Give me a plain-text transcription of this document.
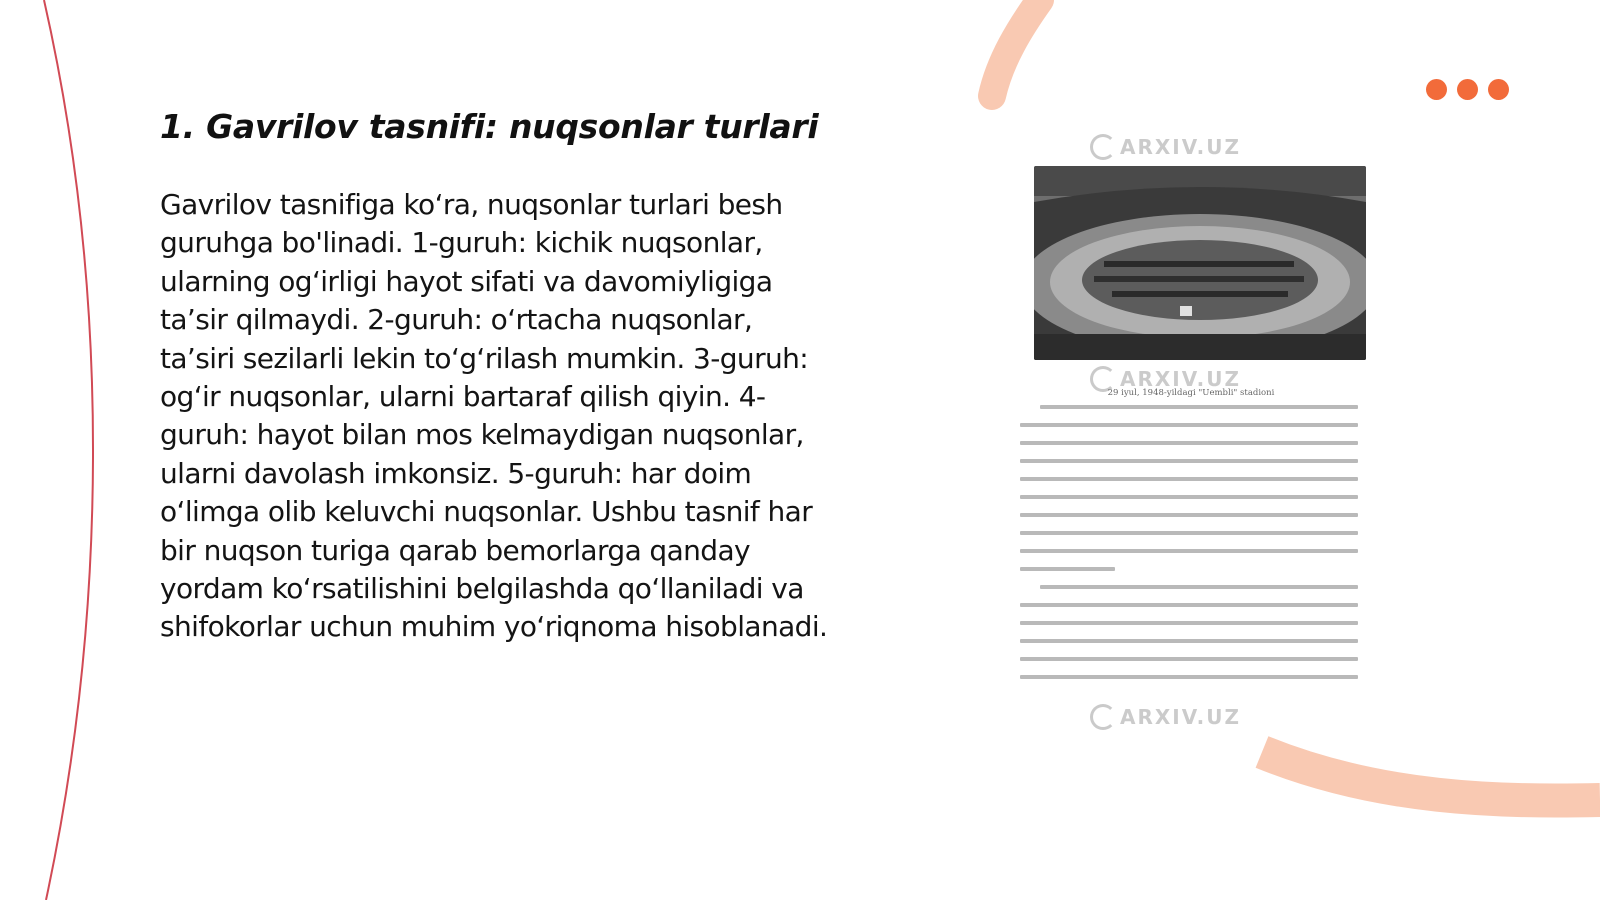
1. Gavrilov tasnifi: nuqsonlar turlari

Gavrilov tasnifiga ko‘ra, nuqsonlar turlari besh guruhga bo'linadi. 1-guruh: kichik nuqsonlar, ularning og‘irligi hayot sifati va davomiyligiga ta’sir qilmaydi. 2-guruh: o‘rtacha nuqsonlar, ta’siri sezilarli lekin to‘g‘rilash mumkin. 3-guruh: og‘ir nuqsonlar, ularni bartaraf qilish qiyin. 4-guruh: hayot bilan mos kelmaydigan nuqsonlar, ularni davolash imkonsiz. 5-guruh: har doim o‘limga olib keluvchi nuqsonlar. Ushbu tasnif har bir nuqson turiga qarab bemorlarga qanday yordam ko‘rsatilishini belgilashda qo‘llaniladi va shifokorlar uchun muhim yo‘riqnoma hisoblanadi.

ARXIV.UZ
ARXIV.UZ
29 iyul, 1948-yildagi "Uembli" stadioni
ARXIV.UZ
